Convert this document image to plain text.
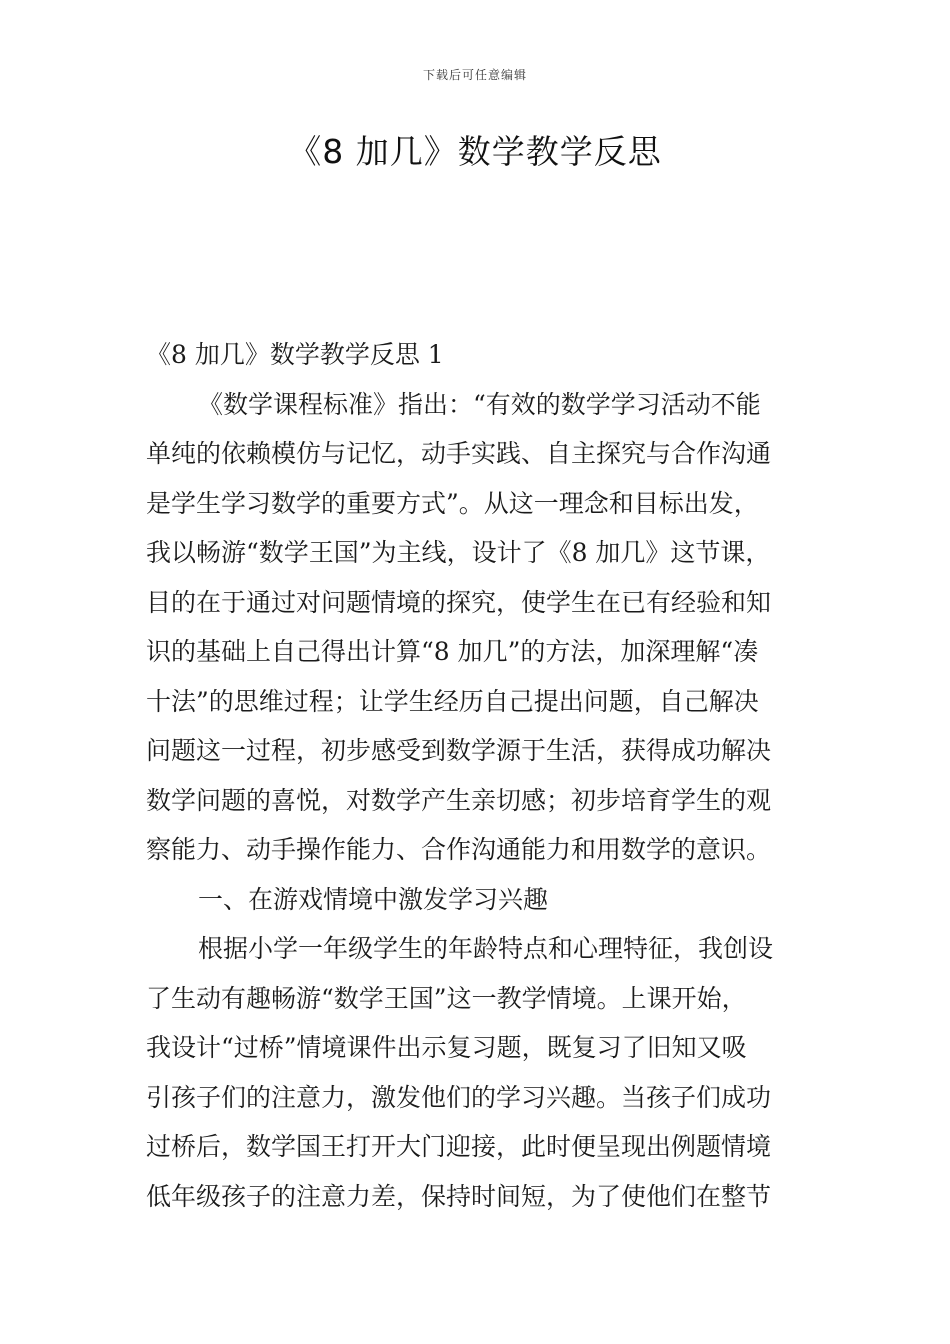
下载后可任意编辑
《8 加几》数学教学反思
《8 加几》数学教学反思 1
《数学课程标准》指出：“有效的数学学习活动不能
单纯的依赖模仿与记忆，动手实践、自主探究与合作沟通
是学生学习数学的重要方式”。从这一理念和目标出发，
我以畅游“数学王国”为主线，设计了《8 加几》这节课，
目的在于通过对问题情境的探究，使学生在已有经验和知
识的基础上自己得出计算“8 加几”的方法，加深理解“凑
十法”的思维过程；让学生经历自己提出问题，自己解决
问题这一过程，初步感受到数学源于生活，获得成功解决
数学问题的喜悦，对数学产生亲切感；初步培育学生的观
察能力、动手操作能力、合作沟通能力和用数学的意识。
一、在游戏情境中激发学习兴趣
根据小学一年级学生的年龄特点和心理特征，我创设
了生动有趣畅游“数学王国”这一教学情境。上课开始，
我设计“过桥”情境课件出示复习题，既复习了旧知又吸
引孩子们的注意力，激发他们的学习兴趣。当孩子们成功
过桥后，数学国王打开大门迎接，此时便呈现出例题情境
低年级孩子的注意力差，保持时间短，为了使他们在整节
